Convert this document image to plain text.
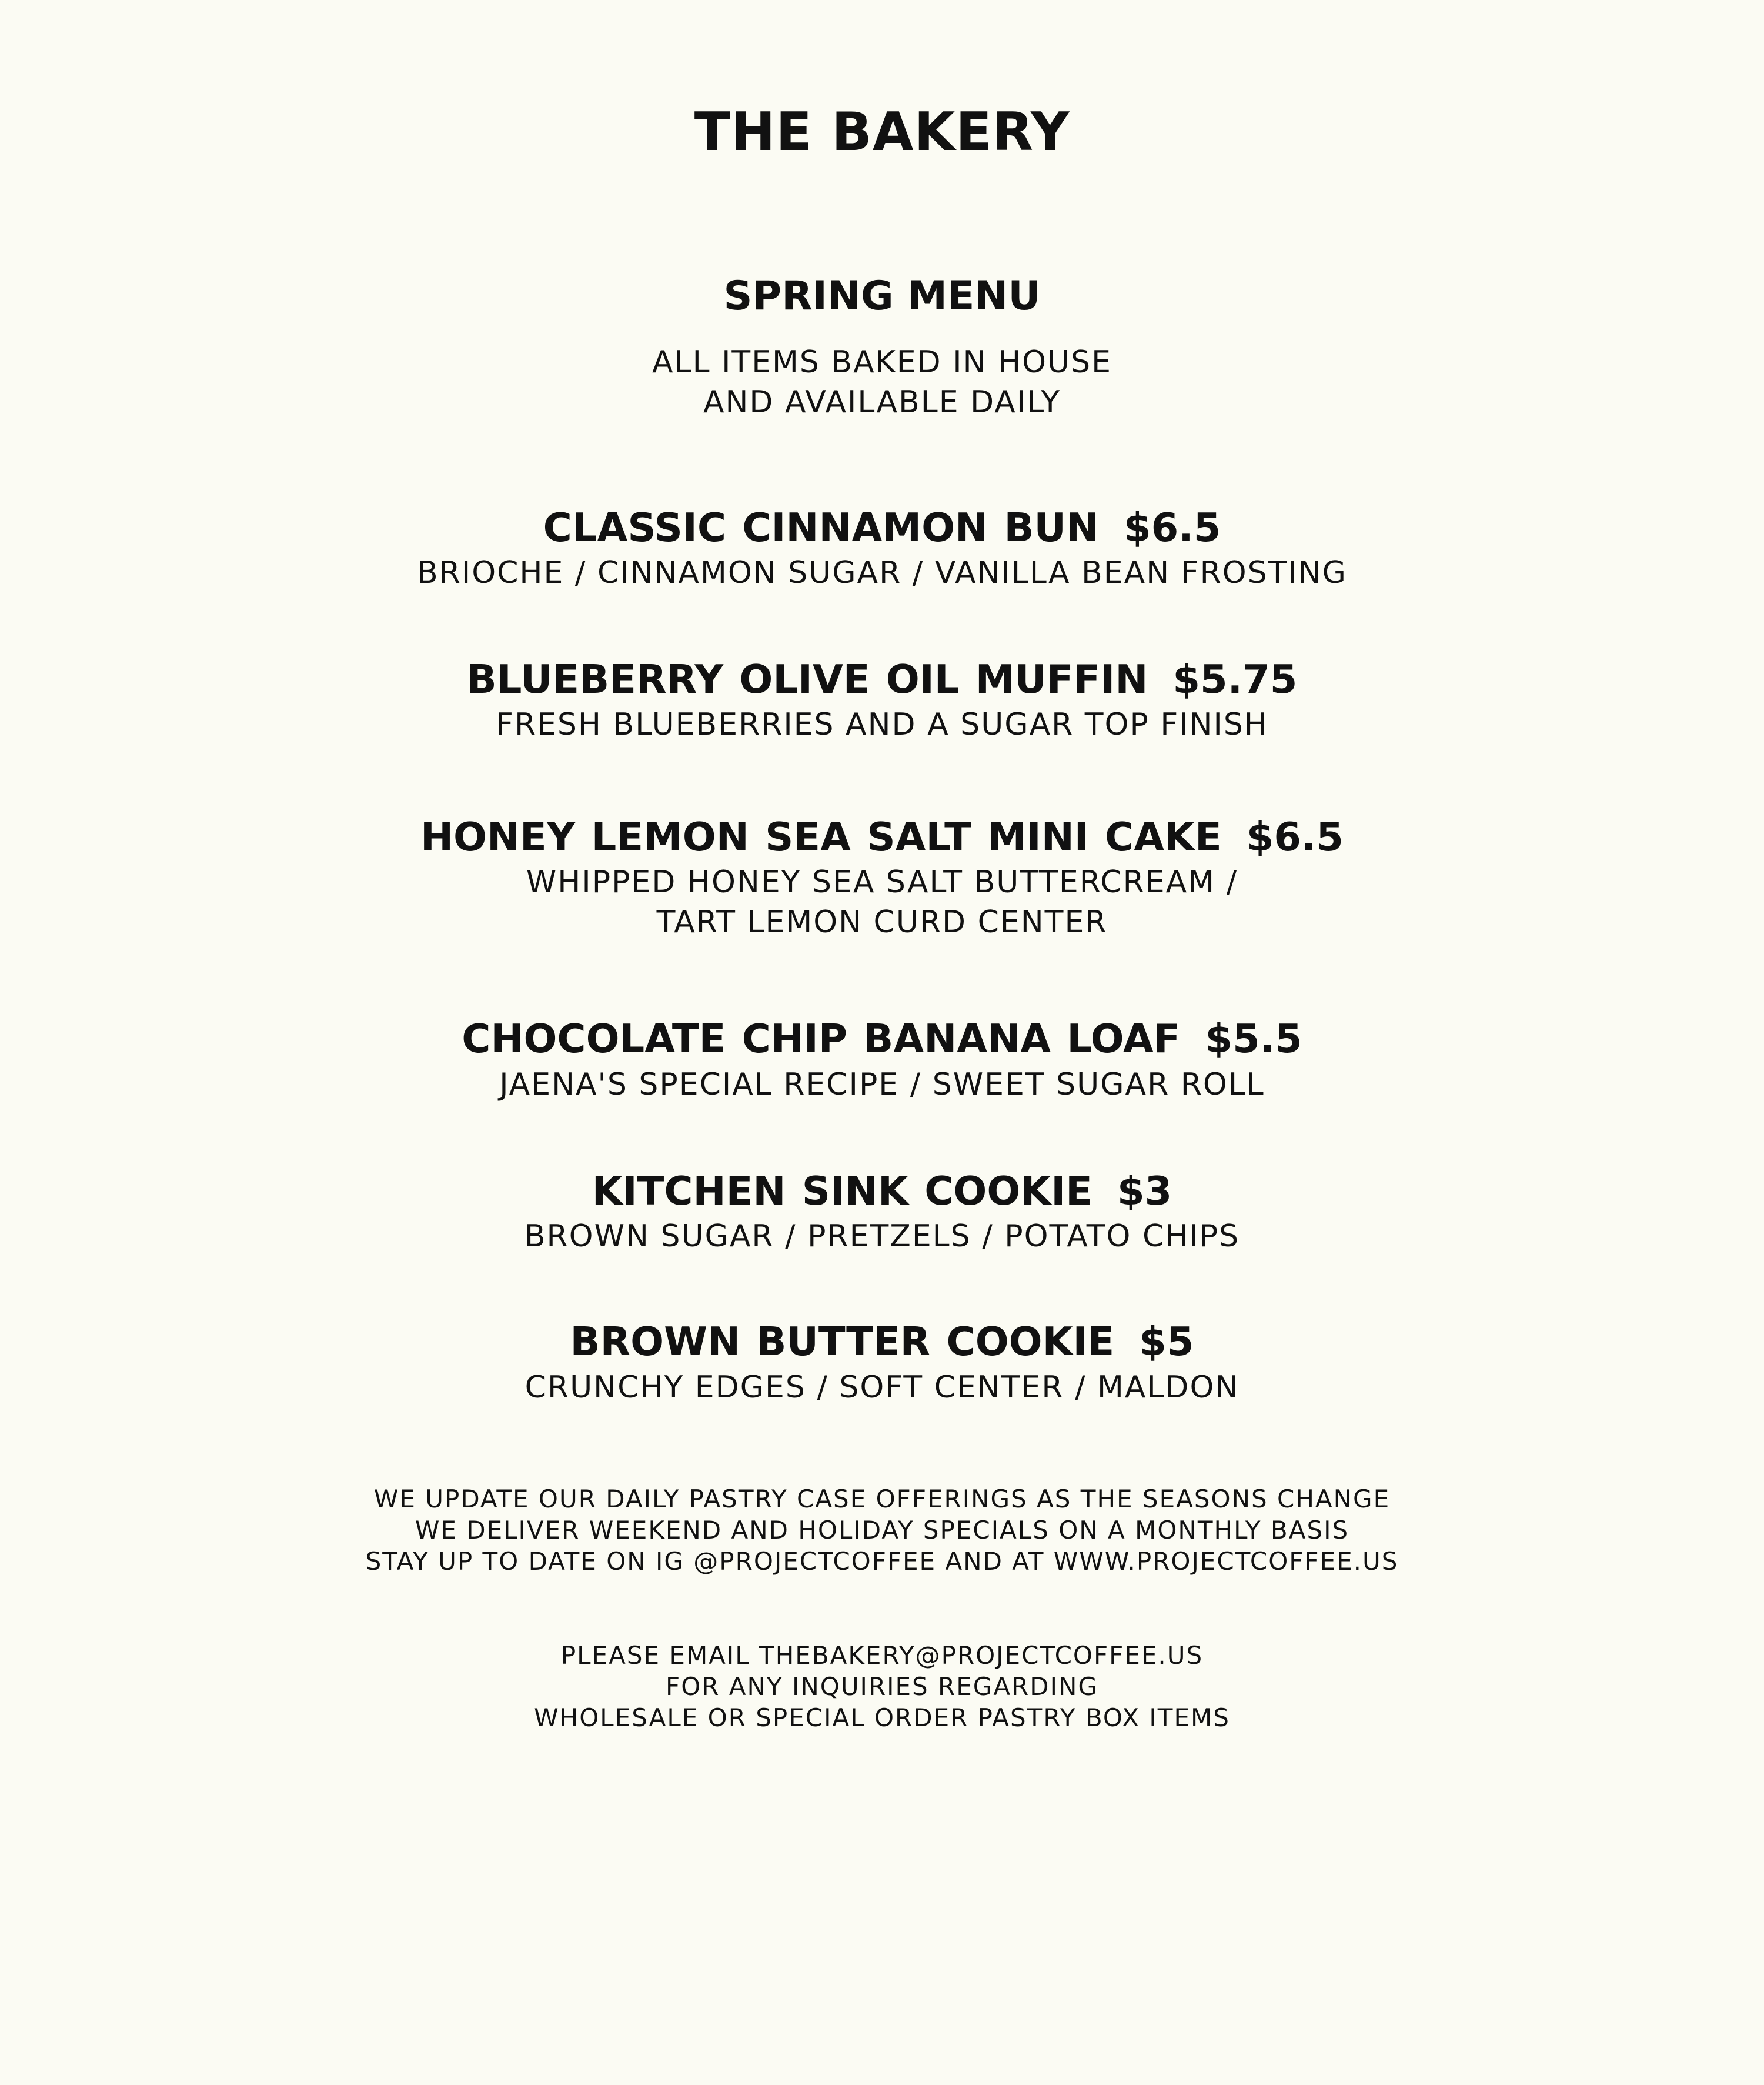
THE BAKERY
SPRING MENU
ALL ITEMS BAKED IN HOUSE
AND AVAILABLE DAILY
CLASSIC CINNAMON BUN $6.5
BRIOCHE / CINNAMON SUGAR / VANILLA BEAN FROSTING
BLUEBERRY OLIVE OIL MUFFIN $5.75
FRESH BLUEBERRIES AND A SUGAR TOP FINISH
HONEY LEMON SEA SALT MINI CAKE $6.5
WHIPPED HONEY SEA SALT BUTTERCREAM /
TART LEMON CURD CENTER
CHOCOLATE CHIP BANANA LOAF $5.5
JAENA'S SPECIAL RECIPE / SWEET SUGAR ROLL
KITCHEN SINK COOKIE $3
BROWN SUGAR / PRETZELS / POTATO CHIPS
BROWN BUTTER COOKIE $5
CRUNCHY EDGES / SOFT CENTER / MALDON
WE UPDATE OUR DAILY PASTRY CASE OFFERINGS AS THE SEASONS CHANGE
WE DELIVER WEEKEND AND HOLIDAY SPECIALS ON A MONTHLY BASIS
STAY UP TO DATE ON IG @PROJECTCOFFEE AND AT WWW.PROJECTCOFFEE.US
PLEASE EMAIL THEBAKERY@PROJECTCOFFEE.US
FOR ANY INQUIRIES REGARDING
WHOLESALE OR SPECIAL ORDER PASTRY BOX ITEMS
